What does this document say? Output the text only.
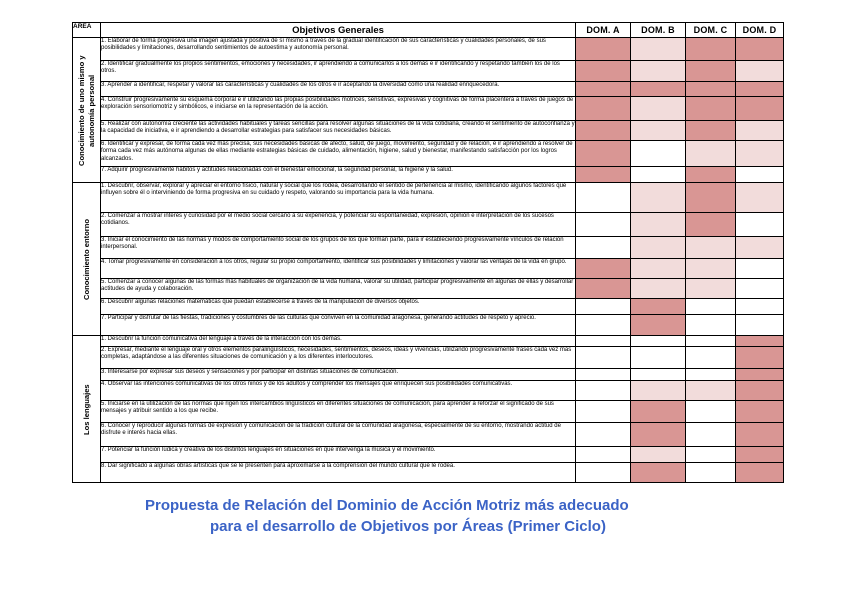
AREA	Objetivos Generales	DOM. A	DOM. B	DOM. C	DOM. D

Conocimiento de uno mismo y autonomía personal	1. Elaborar de forma progresiva una imagen ajustada y positiva de sí mismo a través de la gradual identificación de sus características y cualidades personales, de sus posibilidades y limitaciones, desarrollando sentimientos de autoestima y autonomía personal.				
	2. Identificar gradualmente los propios sentimientos, emociones y necesidades, ir aprendiendo a comunicarlos a los demás e ir identificando y respetando también los de los otros.				
	3. Aprender a identificar, respetar y valorar las características y cualidades de los otros e ir aceptando la diversidad como una realidad enriquecedora.				
	4. Construir progresivamente su esquema corporal e ir utilizando las propias posibilidades motrices, sensitivas, expresivas y cognitivas de forma placentera a través de juegos de exploración sensoriomotriz y simbólicos, e iniciarse en la representación de la acción.				
	5. Realizar con autonomía creciente las actividades habituales y tareas sencillas para resolver algunas situaciones de la vida cotidiana, creando el sentimiento de autoconfianza y la capacidad de iniciativa, e ir aprendiendo a desarrollar estrategias para satisfacer sus necesidades básicas.				
	6. Identificar y expresar, de forma cada vez más precisa, sus necesidades básicas de afecto, salud, de juego, movimiento, seguridad y de relación, e ir aprendiendo a resolver de forma cada vez más autónoma algunas de ellas mediante estrategias básicas de cuidado, alimentación, higiene, salud y bienestar, manifestando satisfacción por los logros alcanzados.				
	7. Adquirir progresivamente hábitos y actitudes relacionadas con el bienestar emocional, la seguridad personal, la higiene y la salud.				

Conocimiento entorno	1. Descubrir, observar, explorar y apreciar el entorno físico, natural y social que los rodea, desarrollando el sentido de pertenencia al mismo, identificando algunos factores que influyen sobre él o interviniendo de forma progresiva en su cuidado y respeto, valorando su importancia para la vida humana.				
	2. Comenzar a mostrar interés y curiosidad por el medio social cercano a su experiencia, y potenciar su espontaneidad, expresión, opinión e interpretación de los sucesos cotidianos.				
	3. Iniciar el conocimiento de las normas y modos de comportamiento social de los grupos de los que forman parte, para ir estableciendo progresivamente vínculos de relación interpersonal.				
	4. Tomar progresivamente en consideración a los otros, regular su propio comportamiento, identificar sus posibilidades y limitaciones y valorar las ventajas de la vida en grupo.				
	5. Comenzar a conocer algunas de las formas más habituales de organización de la vida humana, valorar su utilidad, participar progresivamente en algunas de ellas y desarrollar actitudes de ayuda y colaboración.				
	6. Descubrir algunas relaciones matemáticas que puedan establecerse a través de la manipulación de diversos objetos.				
	7. Participar y disfrutar de las fiestas, tradiciones y costumbres de las culturas que conviven en la comunidad aragonesa, generando actitudes de respeto y aprecio.				

Los lenguajes	1. Descubrir la función comunicativa del lenguaje a través de la interacción con los demás.				
	2. Expresar, mediante el lenguaje oral y otros elementos paralingüísticos, necesidades, sentimientos, deseos, ideas y vivencias, utilizando progresivamente frases cada vez más completas, adaptándose a las diferentes situaciones de comunicación y a los diferentes interlocutores.				
	3. Interesarse por expresar sus deseos y sensaciones y por participar en distintas situaciones de comunicación.				
	4. Observar las intenciones comunicativas de los otros niños y de los adultos y comprender los mensajes que enriquecen sus posibilidades comunicativas.				
	5. Iniciarse en la utilización de las normas que rigen los intercambios lingüísticos en diferentes situaciones de comunicación, para aprender a reforzar el significado de sus mensajes y atribuir sentido a los que recibe.				
	6. Conocer y reproducir algunas formas de expresión y comunicación de la tradición cultural de la comunidad aragonesa, especialmente de su entorno, mostrando actitud de disfrute e interés hacia ellas.				
	7. Potenciar la función lúdica y creativa de los distintos lenguajes en situaciones en que intervenga la música y el movimiento.				
	8. Dar significado a algunas obras artísticas que se le presenten para aproximarse a la comprensión del mundo cultural que le rodea.				
Propuesta de Relación del Dominio de Acción Motriz más adecuado
para el desarrollo de Objetivos por Áreas (Primer Ciclo)
